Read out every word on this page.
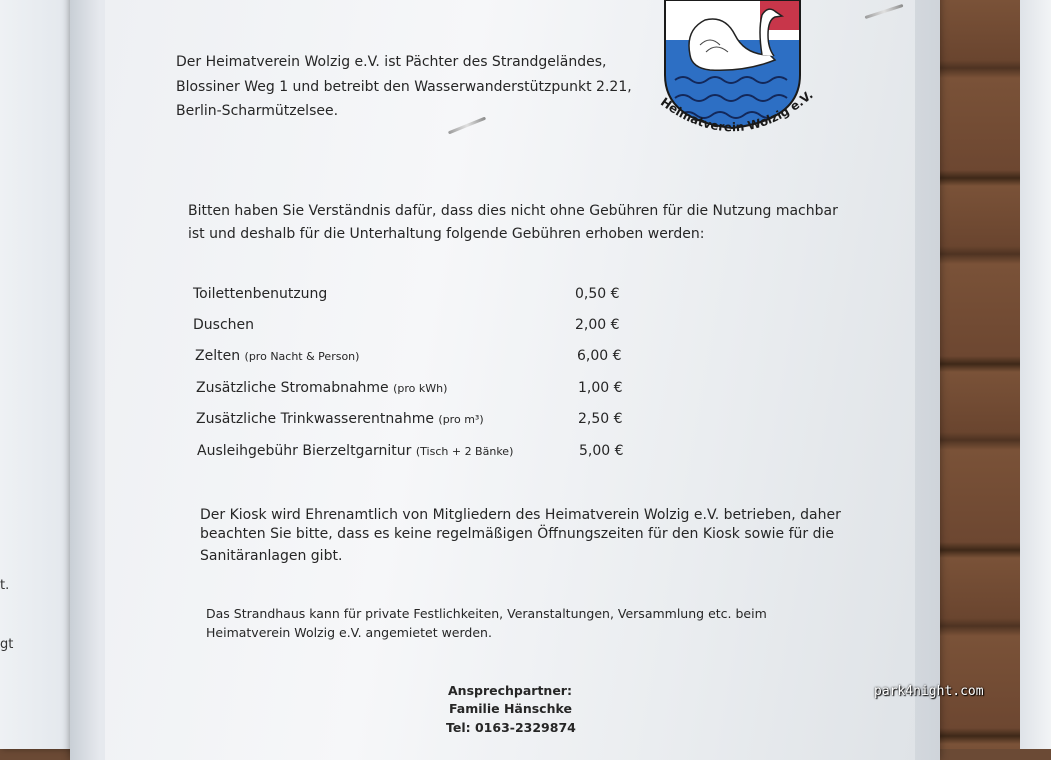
t.
gt
Heimatverein Wolzig e.V.
Der Heimatverein Wolzig e.V. ist Pächter des Strandgeländes,
Blossiner Weg 1 und betreibt den Wasserwanderstützpunkt 2.21,
Berlin-Scharmützelsee.
Bitten haben Sie Verständnis dafür, dass dies nicht ohne Gebühren für die Nutzung machbar
ist und deshalb für die Unterhaltung folgende Gebühren erhoben werden:
Toilettenbenutzung	0,50 €
Duschen	2,00 €
Zelten (pro Nacht & Person)	6,00 €
Zusätzliche Stromabnahme (pro kWh)	1,00 €
Zusätzliche Trinkwasserentnahme (pro m³)	2,50 €
Ausleihgebühr Bierzeltgarnitur (Tisch + 2 Bänke)	5,00 €
Der Kiosk wird Ehrenamtlich von Mitgliedern des Heimatverein Wolzig e.V. betrieben, daher
beachten Sie bitte, dass es keine regelmäßigen Öffnungszeiten für den Kiosk sowie für die
Sanitäranlagen gibt.
Das Strandhaus kann für private Festlichkeiten, Veranstaltungen, Versammlung etc. beim
Heimatverein Wolzig e.V. angemietet werden.
Ansprechpartner:
Familie Hänschke
Tel: 0163-2329874
park4night.com
